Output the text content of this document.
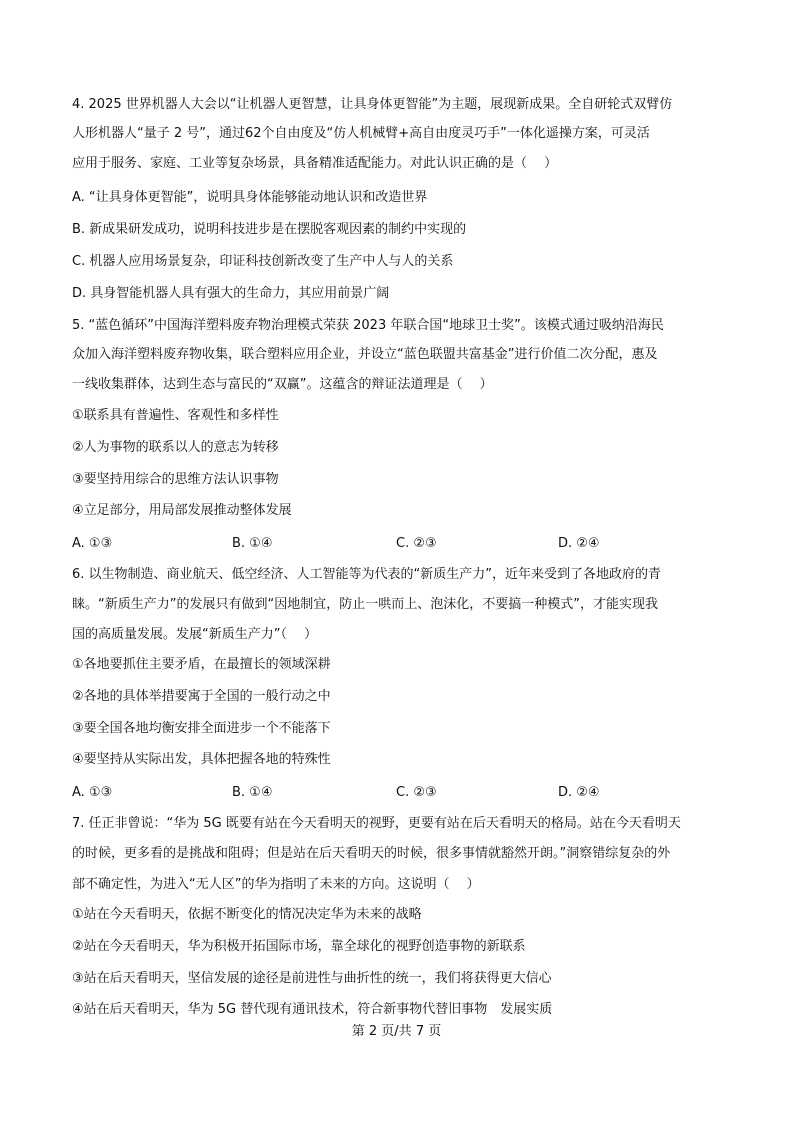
4. 2025 世界机器人大会以“让机器人更智慧，让具身体更智能”为主题，展现新成果。全自研轮式双臂仿
人形机器人“量子 2 号”，通过62个自由度及“仿人机械臂+高自由度灵巧手”一体化遥操方案，可灵活
应用于服务、家庭、工业等复杂场景，具备精准适配能力。对此认识正确的是（　 ）
A. “让具身体更智能”，说明具身体能够能动地认识和改造世界
B. 新成果研发成功，说明科技进步是在摆脱客观因素的制约中实现的
C. 机器人应用场景复杂，印证科技创新改变了生产中人与人的关系
D. 具身智能机器人具有强大的生命力，其应用前景广阔
5. “蓝色循环”中国海洋塑料废弃物治理模式荣获 2023 年联合国“地球卫士奖”。该模式通过吸纳沿海民
众加入海洋塑料废弃物收集，联合塑料应用企业，并设立“蓝色联盟共富基金”进行价值二次分配，惠及
一线收集群体，达到生态与富民的“双赢”。这蕴含的辩证法道理是（　 ）
①联系具有普遍性、客观性和多样性
②人为事物的联系以人的意志为转移
③要坚持用综合的思维方法认识事物
④立足部分，用局部发展推动整体发展
A. ①③	B. ①④	C. ②③	D. ②④
6. 以生物制造、商业航天、低空经济、人工智能等为代表的“新质生产力”，近年来受到了各地政府的青
睐。“新质生产力”的发展只有做到“因地制宜，防止一哄而上、泡沫化，不要搞一种模式”，才能实现我
国的高质量发展。发展“新质生产力”（　 ）
①各地要抓住主要矛盾，在最擅长的领域深耕
②各地的具体举措要寓于全国的一般行动之中
③要全国各地均衡安排全面进步一个不能落下
④要坚持从实际出发，具体把握各地的特殊性
A. ①③	B. ①④	C. ②③	D. ②④
7. 任正非曾说：“华为 5G 既要有站在今天看明天的视野，更要有站在后天看明天的格局。站在今天看明天
的时候，更多看的是挑战和阻碍；但是站在后天看明天的时候，很多事情就豁然开朗。”洞察错综复杂的外
部不确定性，为进入“无人区”的华为指明了未来的方向。这说明（　 ）
①站在今天看明天，依据不断变化的情况决定华为未来的战略
②站在今天看明天，华为积极开拓国际市场，靠全球化的视野创造事物的新联系
③站在后天看明天，坚信发展的途径是前进性与曲折性的统一，我们将获得更大信心
④站在后天看明天，华为 5G 替代现有通讯技术，符合新事物代替旧事物　发展实质
第 2 页/共 7 页
